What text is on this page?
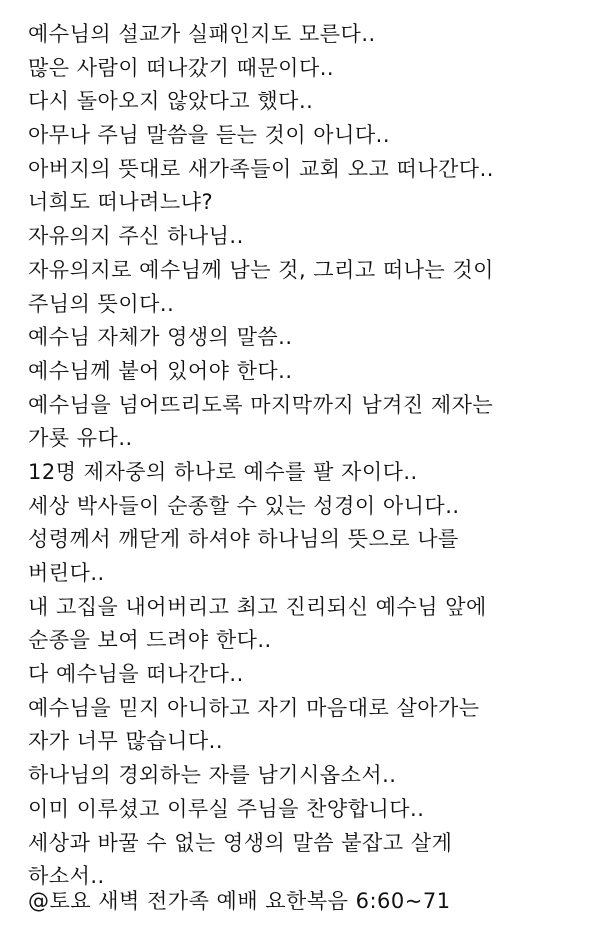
예수님의 설교가 실패인지도 모른다..
많은 사람이 떠나갔기 때문이다..
다시 돌아오지 않았다고 했다..
아무나 주님 말씀을 듣는 것이 아니다..
아버지의 뜻대로 새가족들이 교회 오고 떠나간다..
너희도 떠나려느냐?
자유의지 주신 하나님..
자유의지로 예수님께 남는 것, 그리고 떠나는 것이
주님의 뜻이다..
예수님 자체가 영생의 말씀..
예수님께 붙어 있어야 한다..
예수님을 넘어뜨리도록 마지막까지 남겨진 제자는
가룟 유다..
12명 제자중의 하나로 예수를 팔 자이다..
세상 박사들이 순종할 수 있는 성경이 아니다..
성령께서 깨닫게 하셔야 하나님의 뜻으로 나를
버린다..
내 고집을 내어버리고 최고 진리되신 예수님 앞에
순종을 보여 드려야 한다..
다 예수님을 떠나간다..
예수님을 믿지 아니하고 자기 마음대로 살아가는
자가 너무 많습니다..
하나님의 경외하는 자를 남기시옵소서..
이미 이루셨고 이루실 주님을 찬양합니다..
세상과 바꿀 수 없는 영생의 말씀 붙잡고 살게
하소서..
@토요 새벽 전가족 예배 요한복음 6:60~71
